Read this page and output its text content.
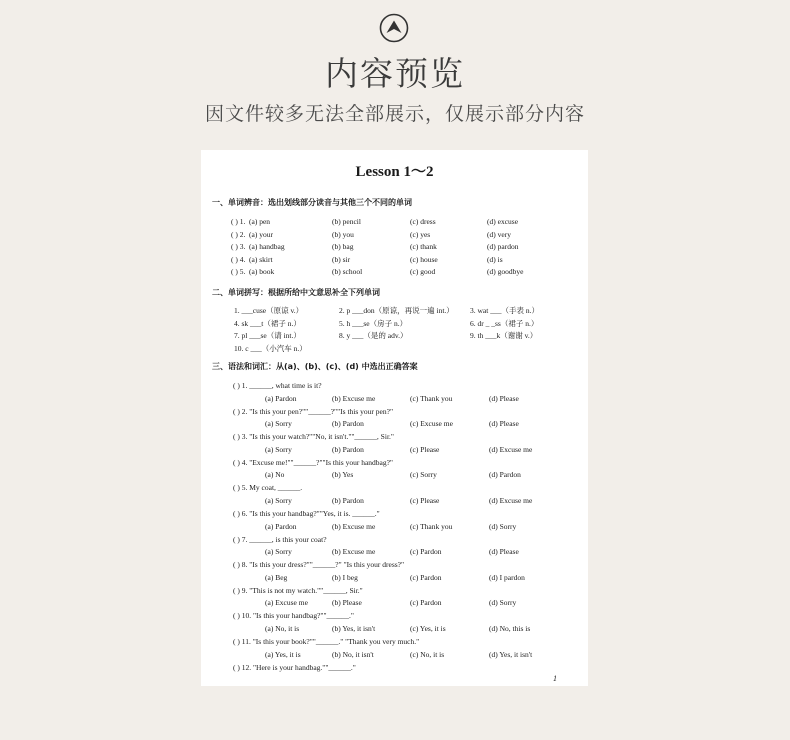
内容预览
因文件较多无法全部展示，仅展示部分内容
Lesson 1～2
一、单词辨音：选出划线部分读音与其他三个不同的单词
( ) 1. (a) pen	(b) pencil	(c) dress	(d) excuse
( ) 2. (a) your	(b) you	(c) yes	(d) very
( ) 3. (a) handbag	(b) bag	(c) thank	(d) pardon
( ) 4. (a) skirt	(b) sir	(c) house	(d) is
( ) 5. (a) book	(b) school	(c) good	(d) goodbye
二、单词拼写：根据所给中文意思补全下列单词
1. ___cuse（原谅 v.）	2. p ___don（原谅，再说一遍 int.） 3. wat ___（手表 n.）
4. sk ___t（裙子 n.）	5. h ___se（房子 n.）	6. dr _ _ss（裙子 n.）
7. pl ___se（请 int.）	8. y ___（是的 adv.）	9. th ___k（谢谢 v.）
10. c ___（小汽车 n.）
三、语法和词汇：从(a)、(b)、(c)、(d) 中选出正确答案
( ) 1. ______, what time is it?
(a) Pardon	(b) Excuse me	(c) Thank you	(d) Please
( ) 2. "Is this your pen?""______?""Is this your pen?"
(a) Sorry	(b) Pardon	(c) Excuse me	(d) Please
( ) 3. "Is this your watch?""No, it isn't.""______, Sir."
(a) Sorry	(b) Pardon	(c) Please	(d) Excuse me
( ) 4. "Excuse me!""______?""Is this your handbag?"
(a) No	(b) Yes	(c) Sorry	(d) Pardon
( ) 5. My coat, ______.
(a) Sorry	(b) Pardon	(c) Please	(d) Excuse me
( ) 6. "Is this your handbag?""Yes, it is. ______."
(a) Pardon	(b) Excuse me	(c) Thank you	(d) Sorry
( ) 7. ______, is this your coat?
(a) Sorry	(b) Excuse me	(c) Pardon	(d) Please
( ) 8. "Is this your dress?""______?" "Is this your dress?"
(a) Beg	(b) I beg	(c) Pardon	(d) I pardon
( ) 9. "This is not my watch.""______, Sir."
(a) Excuse me	(b) Please	(c) Pardon	(d) Sorry
( ) 10. "Is this your handbag?""______."
(a) No, it is	(b) Yes, it isn't	(c) Yes, it is	(d) No, this is
( ) 11. "Is this your book?""______." "Thank you very much."
(a) Yes, it is	(b) No, it isn't	(c) No, it is	(d) Yes, it isn't
( ) 12. "Here is your handbag.""______."
1
